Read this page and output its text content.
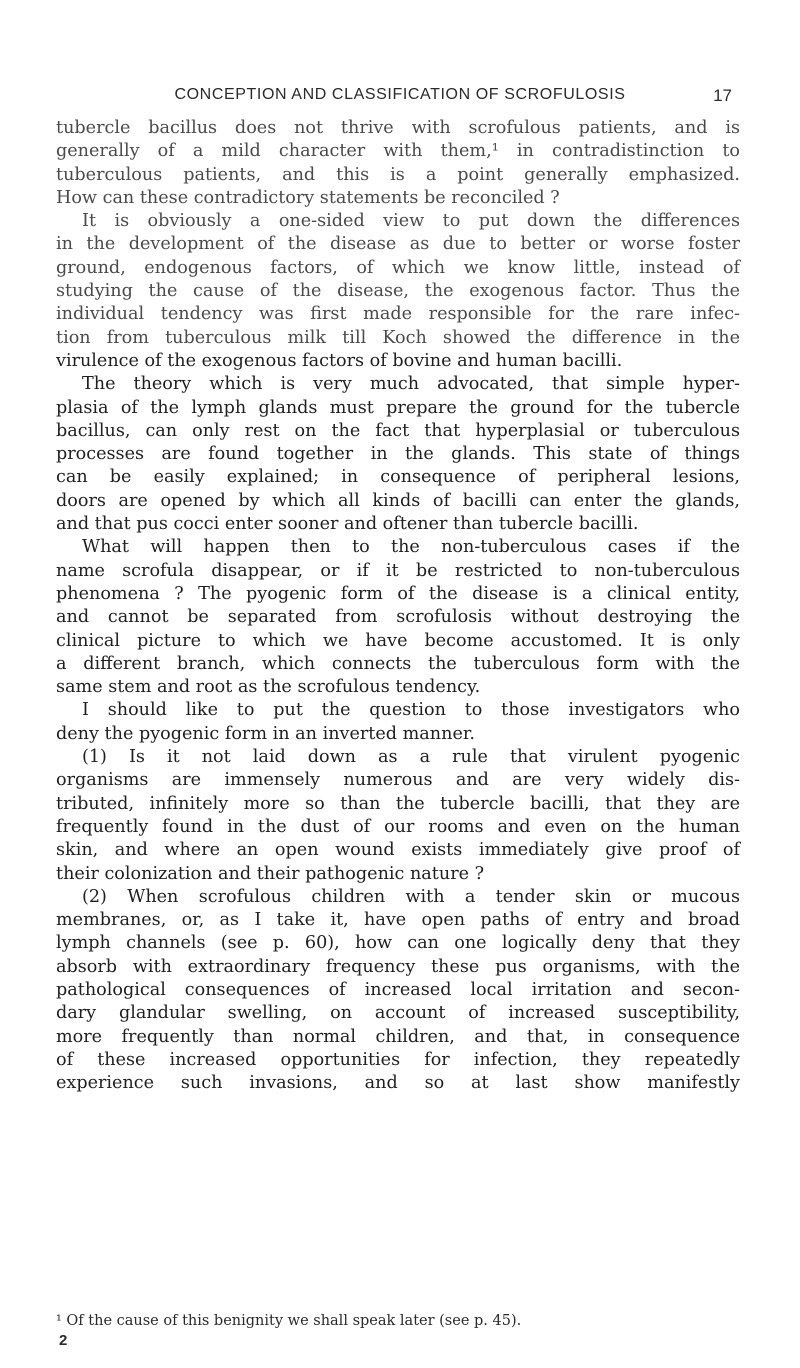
CONCEPTION AND CLASSIFICATION OF SCROFULOSIS	17
tubercle bacillus does not thrive with scrofulous patients, and is
generally of a mild character with them,¹ in contradistinction to
tuberculous patients, and this is a point generally emphasized.
How can these contradictory statements be reconciled ?
It is obviously a one-sided view to put down the differences
in the development of the disease as due to better or worse foster
ground, endogenous factors, of which we know little, instead of
studying the cause of the disease, the exogenous factor. Thus the
individual tendency was first made responsible for the rare infec-
tion from tuberculous milk till Koch showed the difference in the
virulence of the exogenous factors of bovine and human bacilli.
The theory which is very much advocated, that simple hyper-
plasia of the lymph glands must prepare the ground for the tubercle
bacillus, can only rest on the fact that hyperplasial or tuberculous
processes are found together in the glands. This state of things
can be easily explained; in consequence of peripheral lesions,
doors are opened by which all kinds of bacilli can enter the glands,
and that pus cocci enter sooner and oftener than tubercle bacilli.
What will happen then to the non-tuberculous cases if the
name scrofula disappear, or if it be restricted to non-tuberculous
phenomena ? The pyogenic form of the disease is a clinical entity,
and cannot be separated from scrofulosis without destroying the
clinical picture to which we have become accustomed. It is only
a different branch, which connects the tuberculous form with the
same stem and root as the scrofulous tendency.
I should like to put the question to those investigators who
deny the pyogenic form in an inverted manner.
(1) Is it not laid down as a rule that virulent pyogenic
organisms are immensely numerous and are very widely dis-
tributed, infinitely more so than the tubercle bacilli, that they are
frequently found in the dust of our rooms and even on the human
skin, and where an open wound exists immediately give proof of
their colonization and their pathogenic nature ?
(2) When scrofulous children with a tender skin or mucous
membranes, or, as I take it, have open paths of entry and broad
lymph channels (see p. 60), how can one logically deny that they
absorb with extraordinary frequency these pus organisms, with the
pathological consequences of increased local irritation and secon-
dary glandular swelling, on account of increased susceptibility,
more frequently than normal children, and that, in consequence
of these increased opportunities for infection, they repeatedly
experience such invasions, and so at last show manifestly
¹ Of the cause of this benignity we shall speak later (see p. 45).
2
